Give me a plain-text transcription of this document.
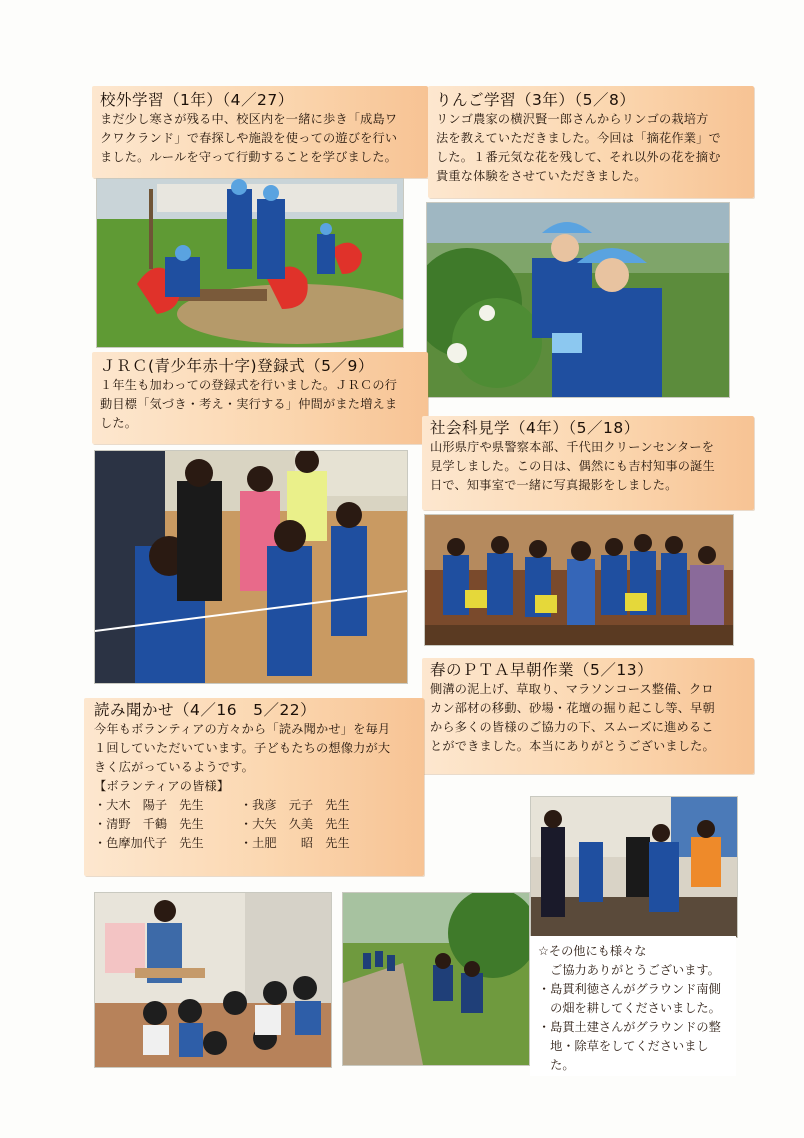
校外学習（1年）（4／27）

まだ少し寒さが残る中、校区内を一緒に歩き「成島ワ

クワクランド」で春探しや施設を使っての遊びを行い

ました。ルールを守って行動することを学びました。

りんご学習（3年）（5／8）

リンゴ農家の横沢賢一郎さんからリンゴの栽培方

法を教えていただきました。今回は「摘花作業」で

した。１番元気な花を残して、それ以外の花を摘む

貴重な体験をさせていただきました。

ＪＲＣ(青少年赤十字)登録式（5／9）

１年生も加わっての登録式を行いました。ＪＲＣの行

動目標「気づき・考え・実行する」仲間がまた増えま

した。	社会科見学（4年）（5／18）

山形県庁や県警察本部、千代田クリーンセンターを

見学しました。この日は、偶然にも吉村知事の誕生

日で、知事室で一緒に写真撮影をしました。

春のＰＴＡ早朝作業（5／13）

側溝の泥上げ、草取り、マラソンコース整備、クロ

カン部材の移動、砂場・花壇の掘り起こし等、早朝

から多くの皆様のご協力の下、スムーズに進めるこ

とができました。本当にありがとうございました。

読み聞かせ（4／16　5／22）

今年もボランティアの方々から「読み聞かせ」を毎月

１回していただいています。子どもたちの想像力が大

きく広がっているようです。

【ボランティアの皆様】

・大木　陽子　先生	・我彦　元子　先生
・清野　千鶴　先生	・大矢　久美　先生
・色摩加代子　先生	・土肥　　昭　先生
☆その他にも様々な
　ご協力ありがとうございます。
・島貫利徳さんがグラウンド南側
　の畑を耕してくださいました。
・島貫土建さんがグラウンドの整
　地・除草をしてくださいまし
　た。
